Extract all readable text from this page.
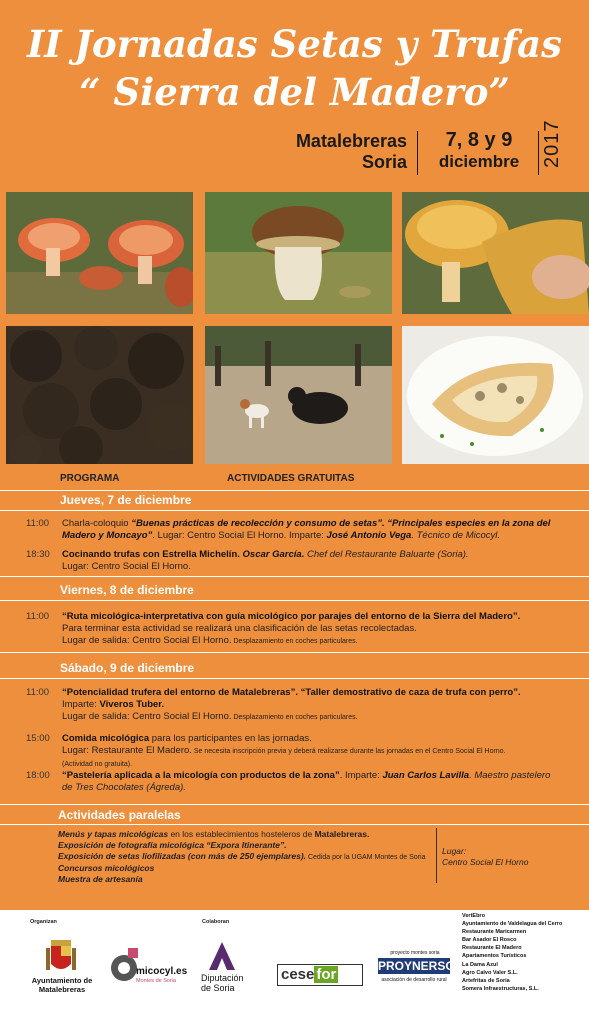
II Jornadas Setas y Trufas
“ Sierra del Madero”
Matalebreras
Soria
7, 8 y 9
diciembre	2017
PROGRAMA	ACTIVIDADES GRATUITAS
Jueves, 7 de diciembre
11:00	Charla-coloquio “Buenas prácticas de recolección y consumo de setas”. “Principales especies en la zona del Madero y Moncayo”. Lugar: Centro Social El Horno. Imparte: José Antonio Vega. Técnico de Micocyl.
18:30	Cocinando trufas con Estrella Michelín. Oscar García. Chef del Restaurante Baluarte (Soria).
Lugar: Centro Social El Horno.
Viernes, 8 de diciembre
11:00	“Ruta micológica-interpretativa con guía micológico por parajes del entorno de la Sierra del Madero”.
Para terminar esta actividad se realizará una clasificación de las setas recolectadas.
Lugar de salida: Centro Social El Horno. Desplazamiento en coches particulares.
Sábado, 9 de diciembre
11:00	“Potencialidad trufera del entorno de Matalebreras”. “Taller demostrativo de caza de trufa con perro”.
Imparte: Viveros Tuber.
Lugar de salida: Centro Social El Horno. Desplazamiento en coches particulares.
15:00	Comida micológica para los participantes en las jornadas.
Lugar: Restaurante El Madero. Se necesita inscripción previa y deberá realizarse durante las jornadas en el Centro Social El Horno.
(Actividad no gratuita).
18:00	“Pastelería aplicada a la micología con productos de la zona”. Imparte: Juan Carlos Lavilla. Maestro pastelero
de Tres Chocolates (Ágreda).
Actividades paralelas
Menús y tapas micológicas en los establecimientos hosteleros de Matalebreras.
Exposición de fotografía micológica “Expora Itinerante”.
Exposición de setas liofilizadas (con más de 250 ejemplares). Cedida por la UGAM Montes de Soria
Concursos micológicos
Muestra de artesanía
Lugar:
Centro Social El Horno
Organizan	Colaboran
Ayuntamiento de
Matalebreras
micocyl.es
Montes de Soria	Diputación
de Soria
cese for
proyecto montes soria
PROYNERSO
asociación de desarrollo rural
VertEbro
Ayuntamiento de Valdelagua del Cerro
Restaurante Maricarmen
Bar Asador El Rosco
Restaurante El Madero
Apartamentos Turísticos
La Dama Azul
Agro Calvo Valer S.L.
Artefritas de Soria
Somera Infraestructuras, S.L.
